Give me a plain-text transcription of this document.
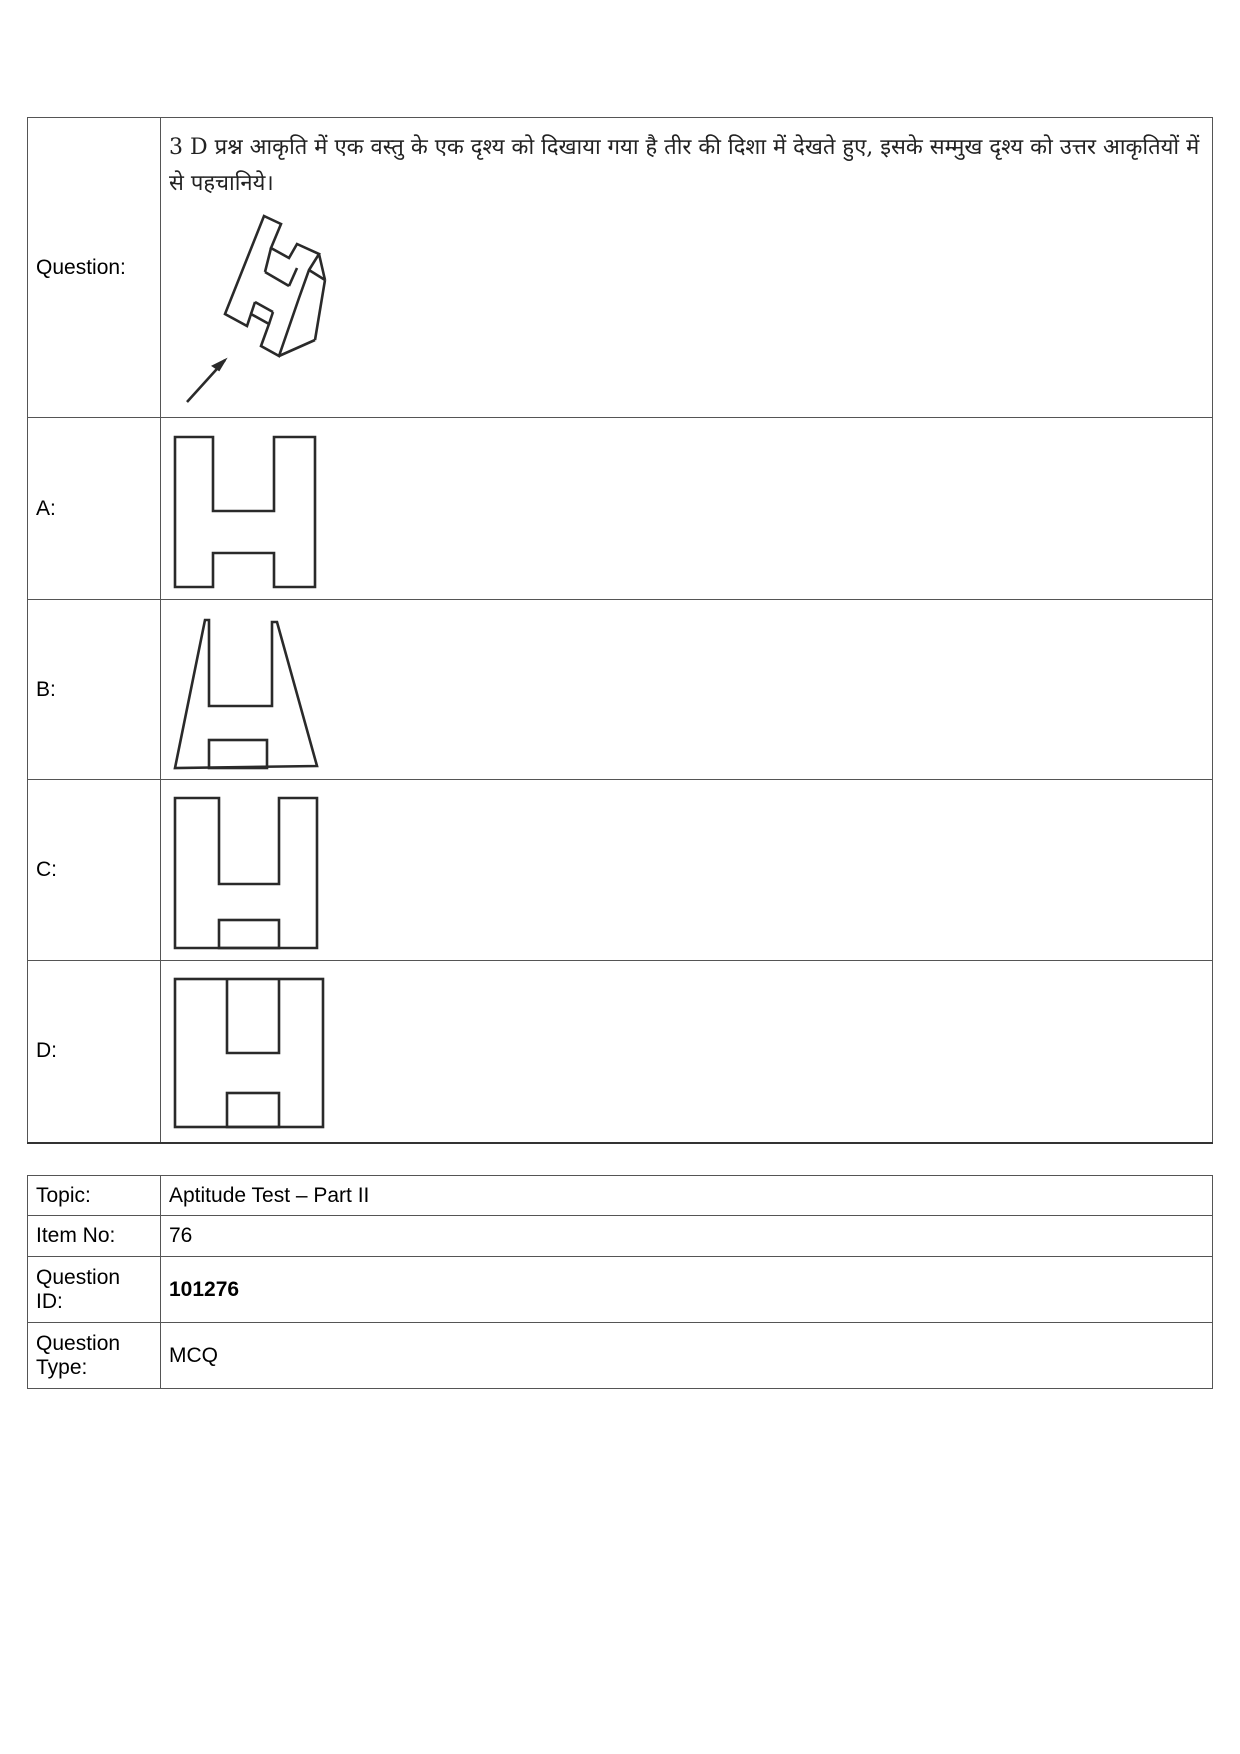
Question:	3 D प्रश्न आकृति में एक वस्तु के एक दृश्य को दिखाया गया है तीर की दिशा में देखते हुए, इसके सम्मुख दृश्य को उत्तर आकृतियों में से पहचानिये।

A:	

B:	

C:	

D:	
Topic:	Aptitude Test – Part II
Item No:	76
Question ID:	101276
Question Type:	MCQ
